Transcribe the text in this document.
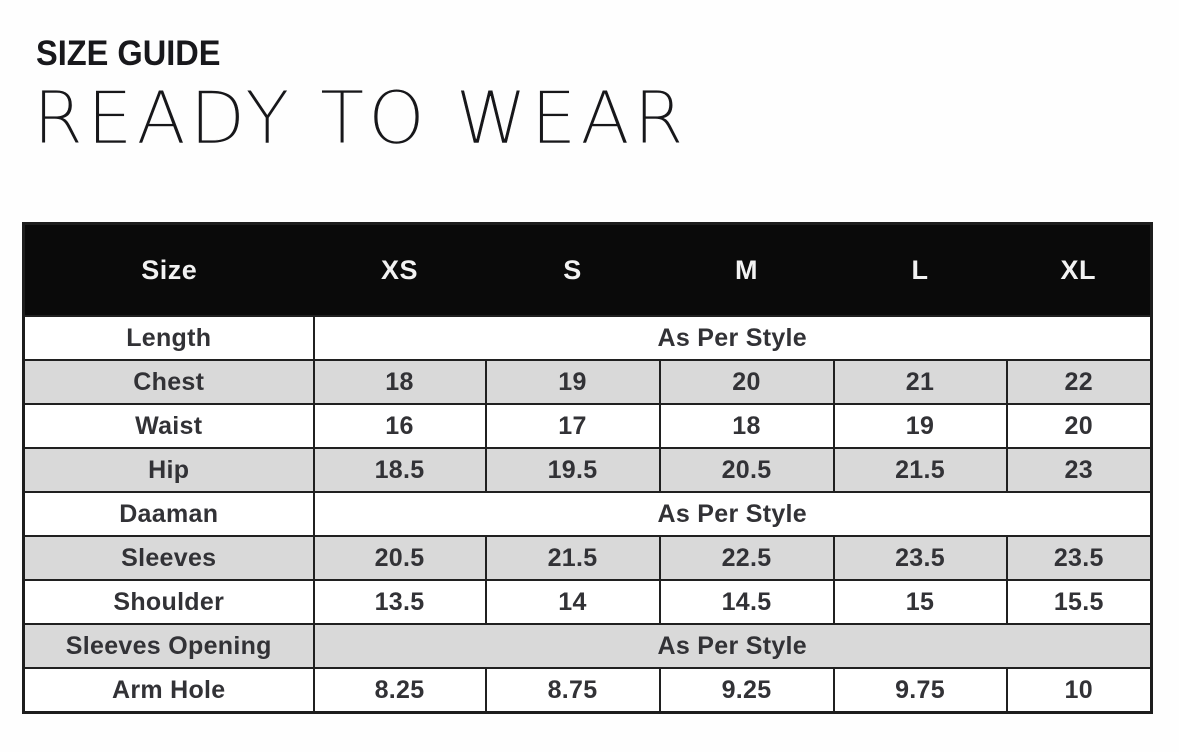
SIZE GUIDE
READY TO WEAR
Size	XS	S	M	L	XL
Length	As Per Style				
Chest	18	19	20	21	22
Waist	16	17	18	19	20
Hip	18.5	19.5	20.5	21.5	23
Daaman	As Per Style				
Sleeves	20.5	21.5	22.5	23.5	23.5
Shoulder	13.5	14	14.5	15	15.5
Sleeves Opening	As Per Style				
Arm Hole	8.25	8.75	9.25	9.75	10
